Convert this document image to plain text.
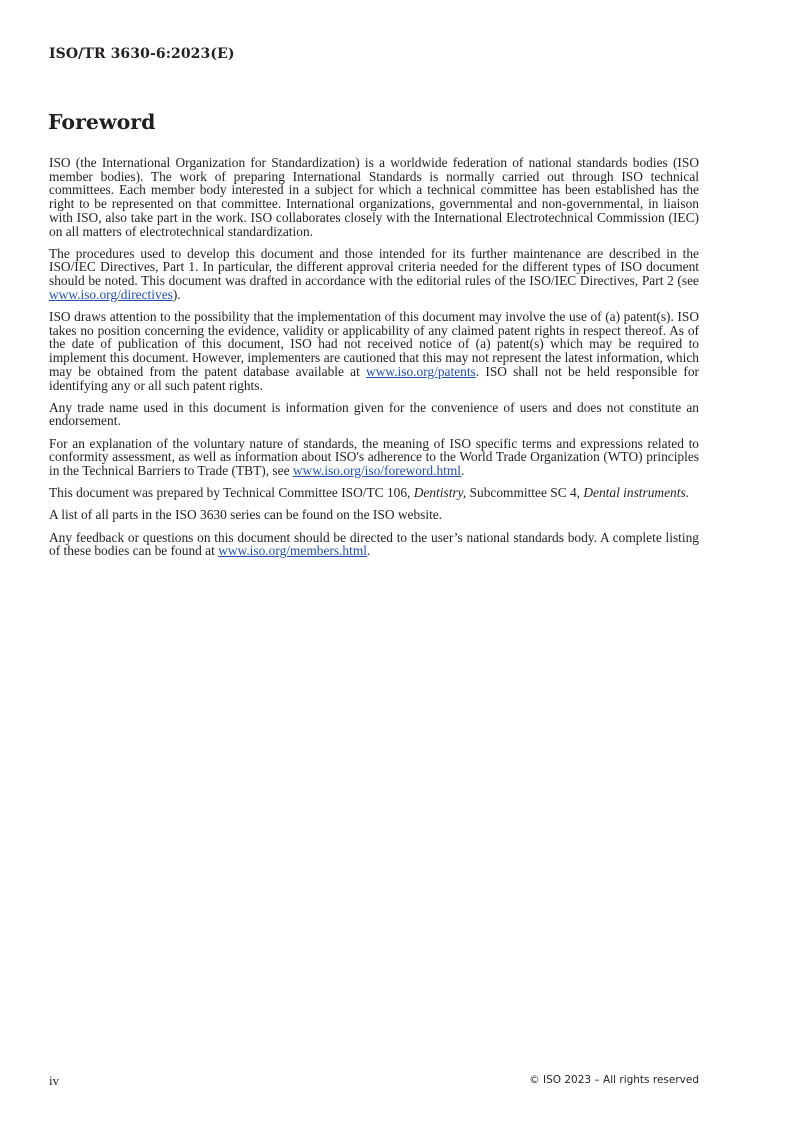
ISO/TR 3630-6:2023(E)
Foreword

ISO (the International Organization for Standardization) is a worldwide federation of national standards bodies (ISO member bodies). The work of preparing International Standards is normally carried out through ISO technical committees. Each member body interested in a subject for which a technical committee has been established has the right to be represented on that committee. International organizations, governmental and non-governmental, in liaison with ISO, also take part in the work. ISO collaborates closely with the International Electrotechnical Commission (IEC) on all matters of electrotechnical standardization.

The procedures used to develop this document and those intended for its further maintenance are described in the ISO/IEC Directives, Part 1. In particular, the different approval criteria needed for the different types of ISO document should be noted. This document was drafted in accordance with the editorial rules of the ISO/IEC Directives, Part 2 (see www.iso.org/directives).

ISO draws attention to the possibility that the implementation of this document may involve the use of (a) patent(s). ISO takes no position concerning the evidence, validity or applicability of any claimed patent rights in respect thereof. As of the date of publication of this document, ISO had not received notice of (a) patent(s) which may be required to implement this document. However, implementers are cautioned that this may not represent the latest information, which may be obtained from the patent database available at www.iso.org/patents. ISO shall not be held responsible for identifying any or all such patent rights.

Any trade name used in this document is information given for the convenience of users and does not constitute an endorsement.

For an explanation of the voluntary nature of standards, the meaning of ISO specific terms and expressions related to conformity assessment, as well as information about ISO's adherence to the World Trade Organization (WTO) principles in the Technical Barriers to Trade (TBT), see www.iso.org/iso/foreword.html.

This document was prepared by Technical Committee ISO/TC 106, Dentistry, Subcommittee SC 4, Dental instruments.

A list of all parts in the ISO 3630 series can be found on the ISO website.

Any feedback or questions on this document should be directed to the user’s national standards body. A complete listing of these bodies can be found at www.iso.org/members.html.

iv	© ISO 2023 – All rights reserved
